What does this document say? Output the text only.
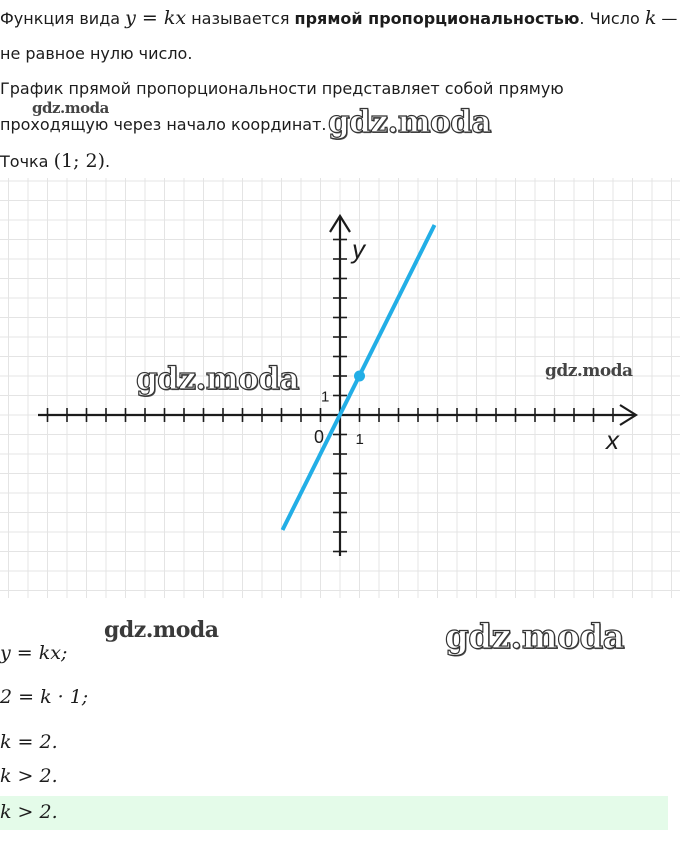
Функция вида y = kx называется прямой пропорциональностью. Число k —
не равное нулю число.
График прямой пропорциональности представляет собой прямую
проходящую через начало координат.
Точка (1; 2).
gdz.moda	gdz.moda
x
y
0 1
1
gdz.moda	gdz.moda
gdz.moda	gdz.moda
y = kx;
2 = k · 1;
k = 2.
k > 2.
k > 2.
